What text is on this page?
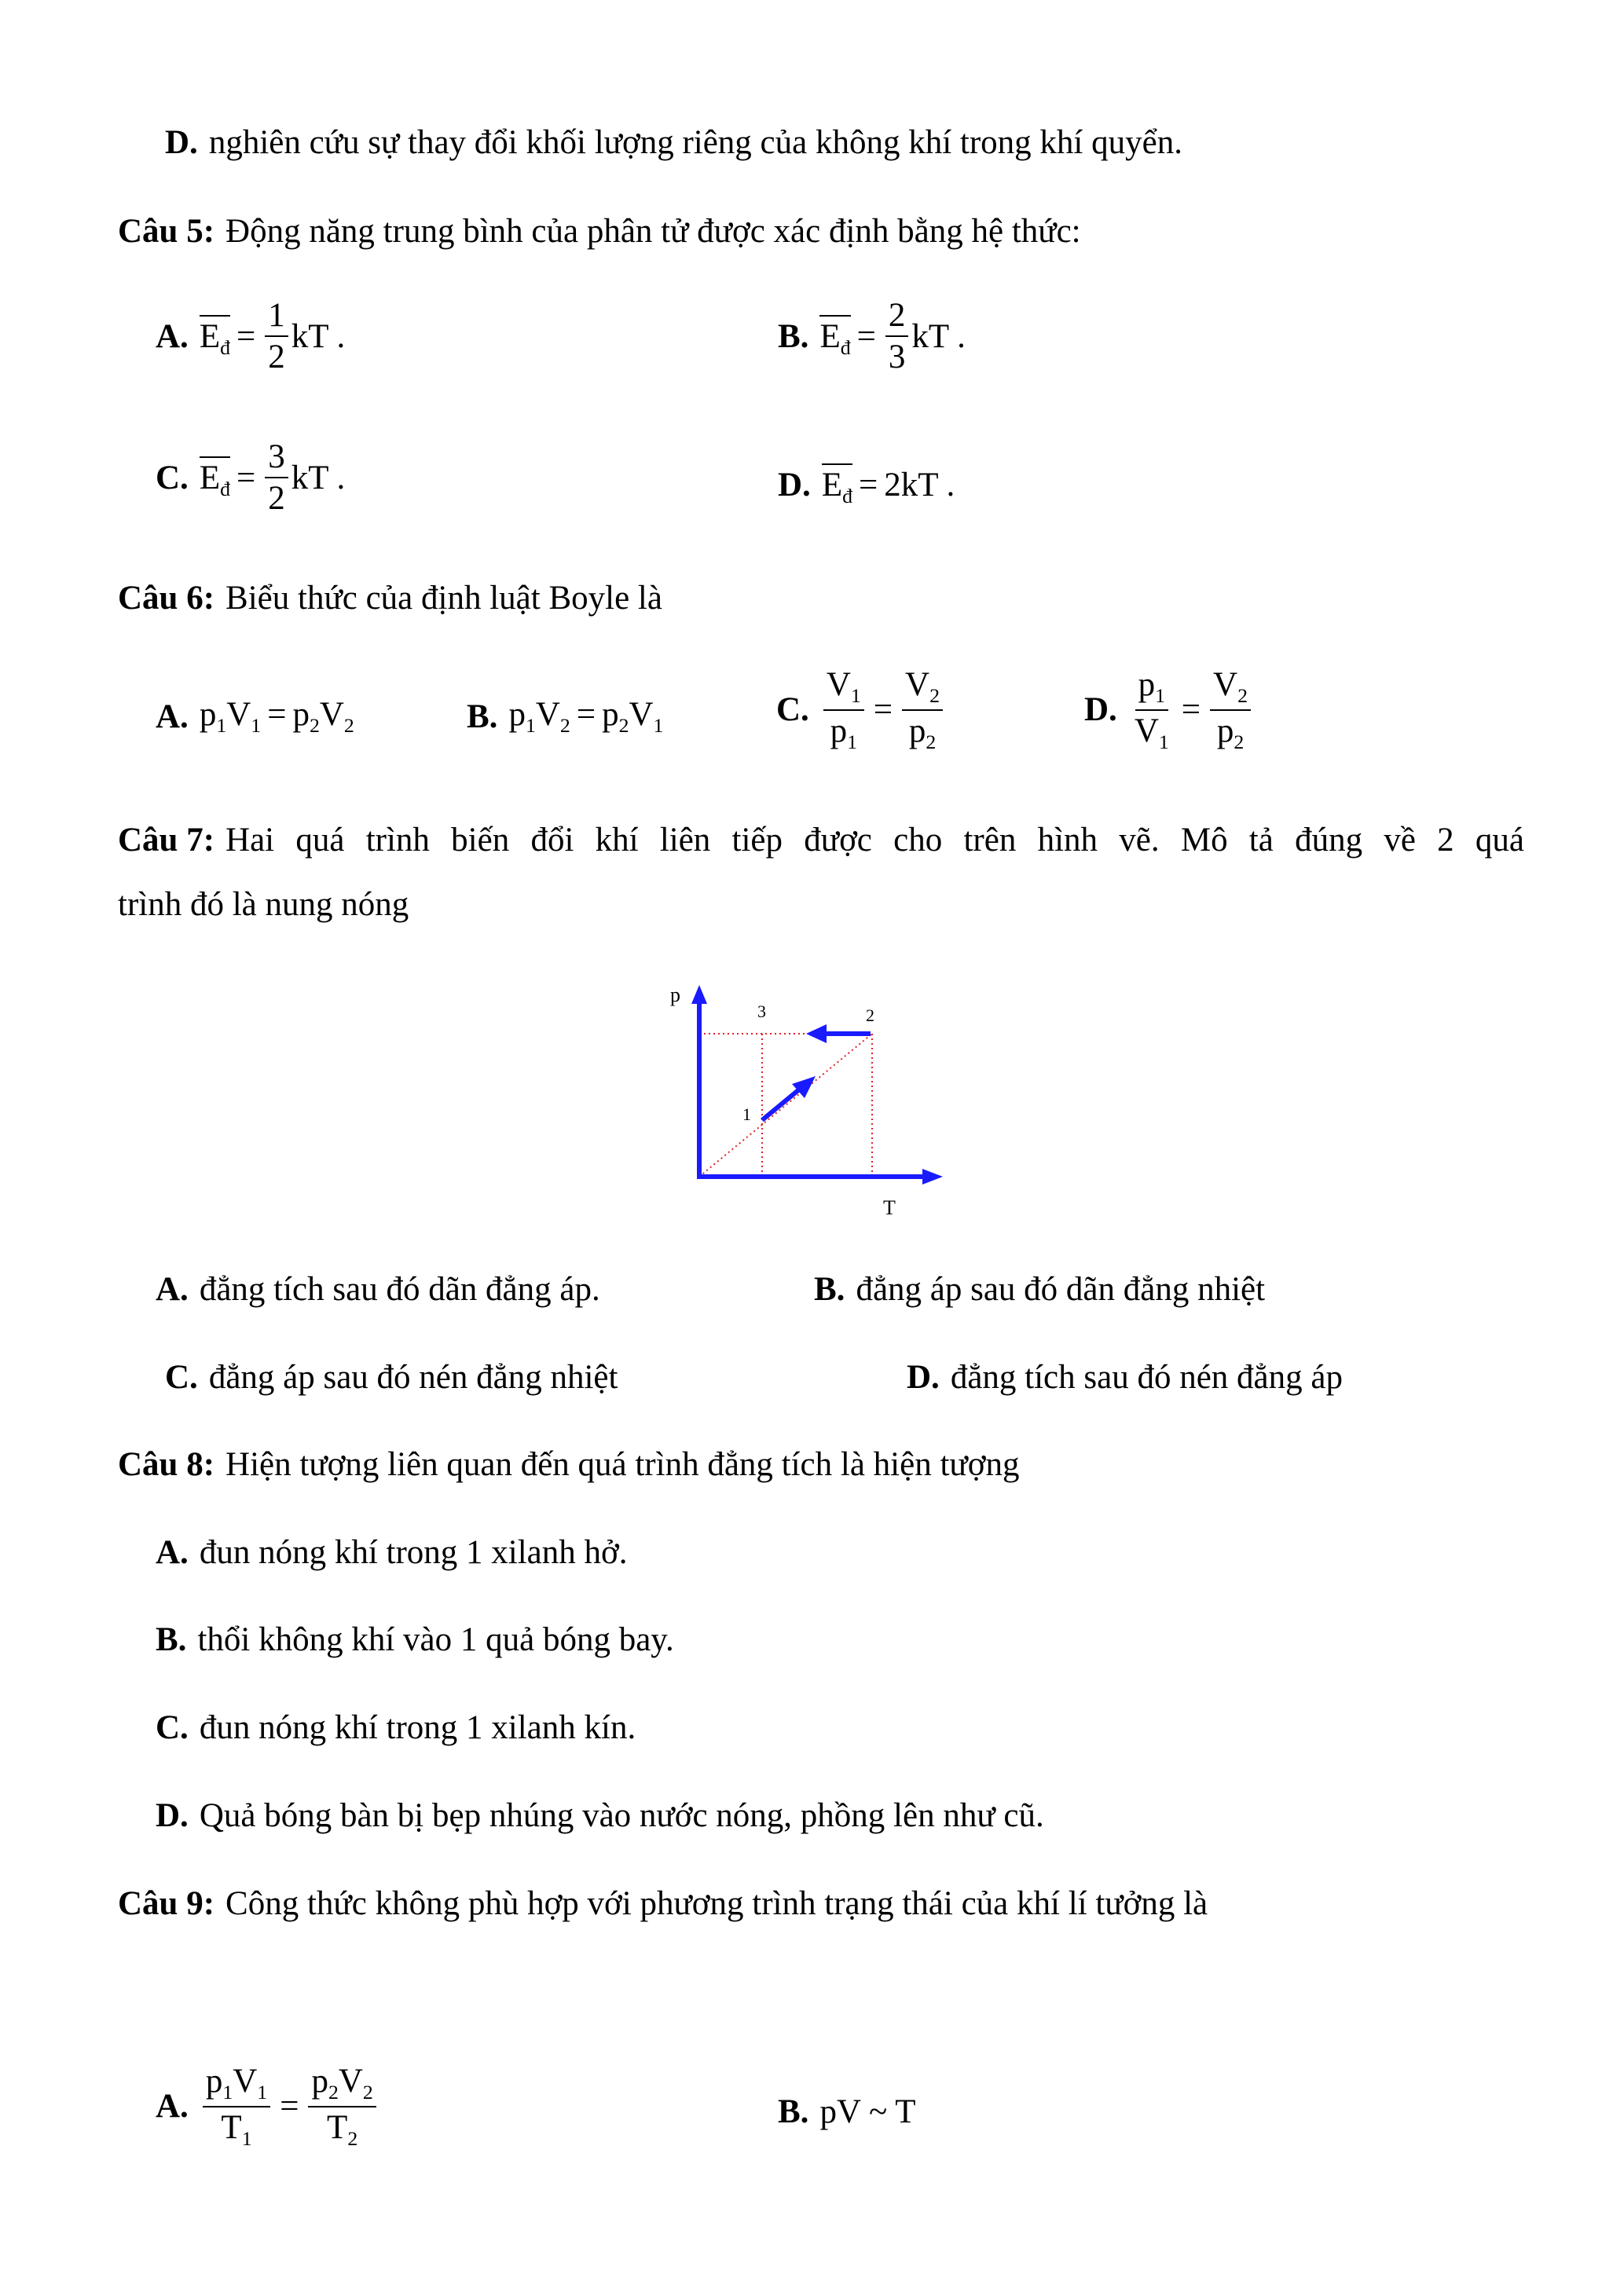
D. nghiên cứu sự thay đổi khối lượng riêng của không khí trong khí quyển.
Câu 5: Động năng trung bình của phân tử được xác định bằng hệ thức:
A. $E_đ = \frac{1}{2}$ kT .	B. $E_đ = \frac{2}{3}$ kT .
C. $E_đ = \frac{3}{2}$ kT .	D. $E_đ = 2kT$ .
Câu 6: Biểu thức của định luật Boyle là
A. $p_1V_1 = p_2V_2$	B. $p_1V_2 = p_2V_1$	C. $\frac{V_1}{p_1} = \frac{V_2}{p_2}$	D. $\frac{p_1}{V_1} = \frac{V_2}{p_2}$
Câu 7: Hai quá trình biến đổi khí liên tiếp được cho trên hình vẽ. Mô tả đúng về 2 quá
trình đó là nung nóng
p
T
1
2
3
A. đẳng tích sau đó dãn đẳng áp.	B. đẳng áp sau đó dãn đẳng nhiệt
C. đẳng áp sau đó nén đẳng nhiệt	D. đẳng tích sau đó nén đẳng áp
Câu 8: Hiện tượng liên quan đến quá trình đẳng tích là hiện tượng
A. đun nóng khí trong 1 xilanh hở.
B. thổi không khí vào 1 quả bóng bay.
C. đun nóng khí trong 1 xilanh kín.
D. Quả bóng bàn bị bẹp nhúng vào nước nóng, phồng lên như cũ.
Câu 9: Công thức không phù hợp với phương trình trạng thái của khí lí tưởng là
A. $\frac{p_1V_1}{T_1} = \frac{p_2V_2}{T_2}$	B. pV ~ T
